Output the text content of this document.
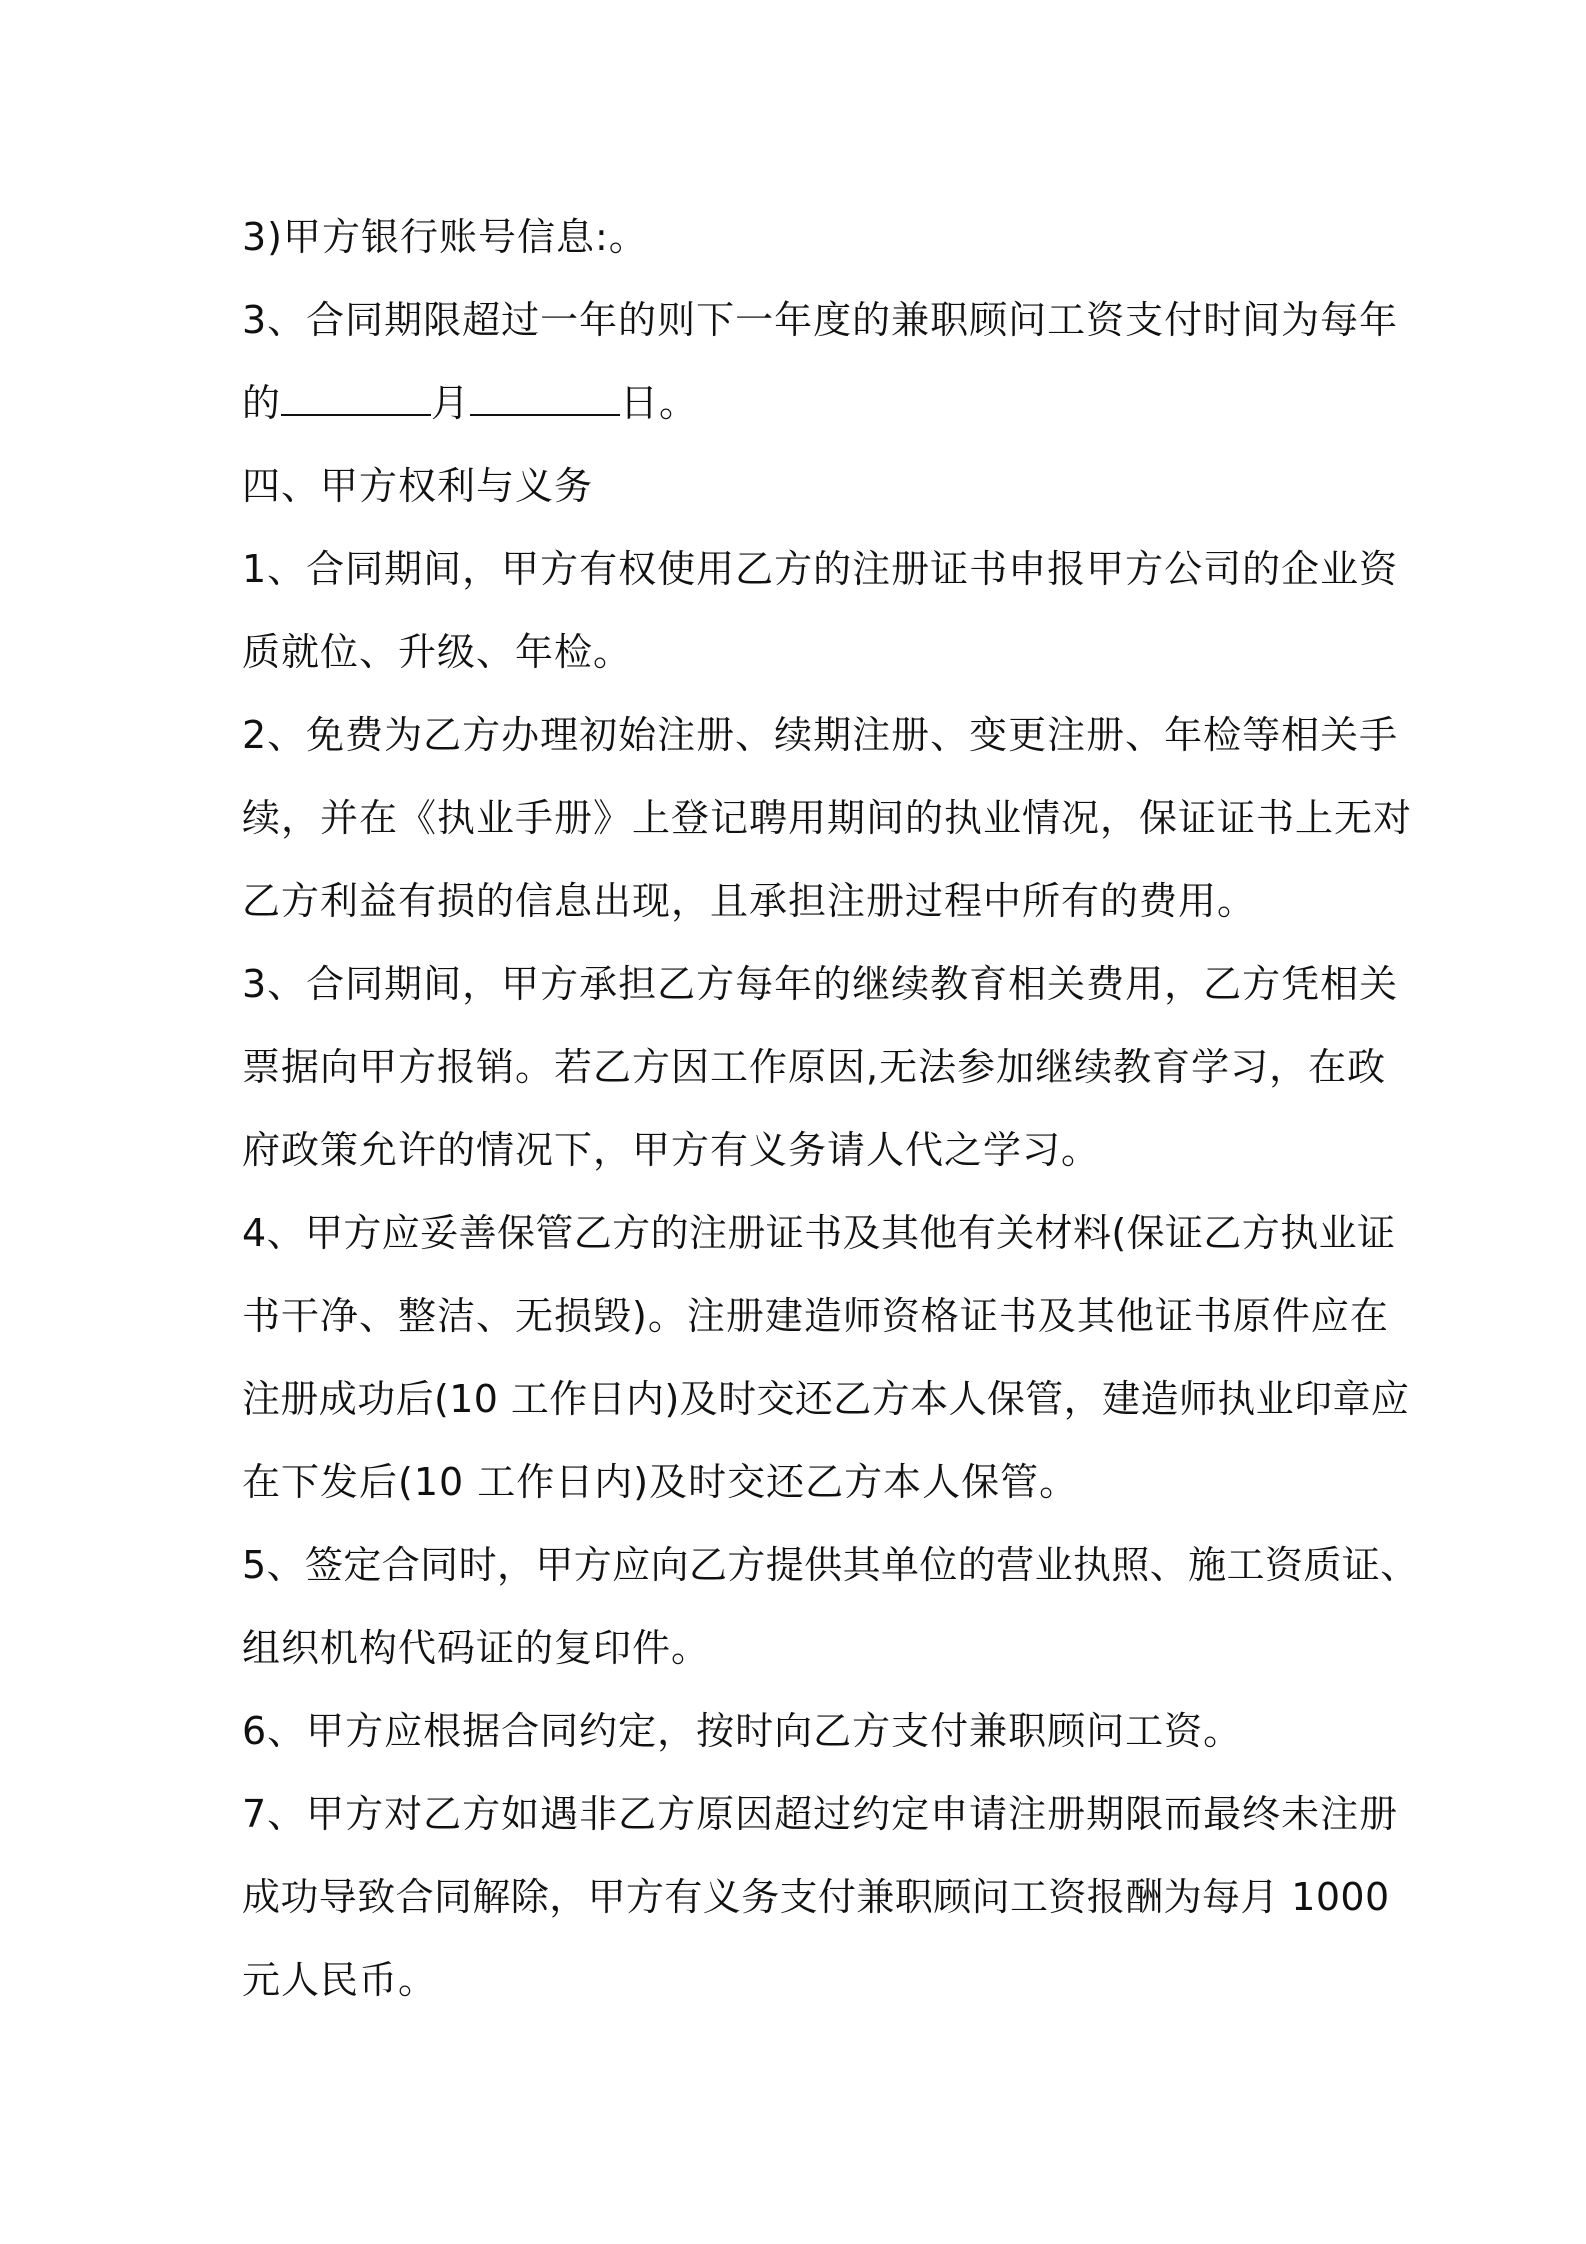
3)甲方银行账号信息:。
3、合同期限超过一年的则下一年度的兼职顾问工资支付时间为每年
的	月	日。
四、甲方权利与义务
1、合同期间，甲方有权使用乙方的注册证书申报甲方公司的企业资
质就位、升级、年检。
2、免费为乙方办理初始注册、续期注册、变更注册、年检等相关手
续，并在《执业手册》上登记聘用期间的执业情况，保证证书上无对
乙方利益有损的信息出现，且承担注册过程中所有的费用。
3、合同期间，甲方承担乙方每年的继续教育相关费用，乙方凭相关
票据向甲方报销。若乙方因工作原因,无法参加继续教育学习，在政
府政策允许的情况下，甲方有义务请人代之学习。
4、甲方应妥善保管乙方的注册证书及其他有关材料(保证乙方执业证
书干净、整洁、无损毁)。注册建造师资格证书及其他证书原件应在
注册成功后(10 工作日内)及时交还乙方本人保管，建造师执业印章应
在下发后(10 工作日内)及时交还乙方本人保管。
5、签定合同时，甲方应向乙方提供其单位的营业执照、施工资质证、
组织机构代码证的复印件。
6、甲方应根据合同约定，按时向乙方支付兼职顾问工资。
7、甲方对乙方如遇非乙方原因超过约定申请注册期限而最终未注册
成功导致合同解除，甲方有义务支付兼职顾问工资报酬为每月 1000
元人民币。
